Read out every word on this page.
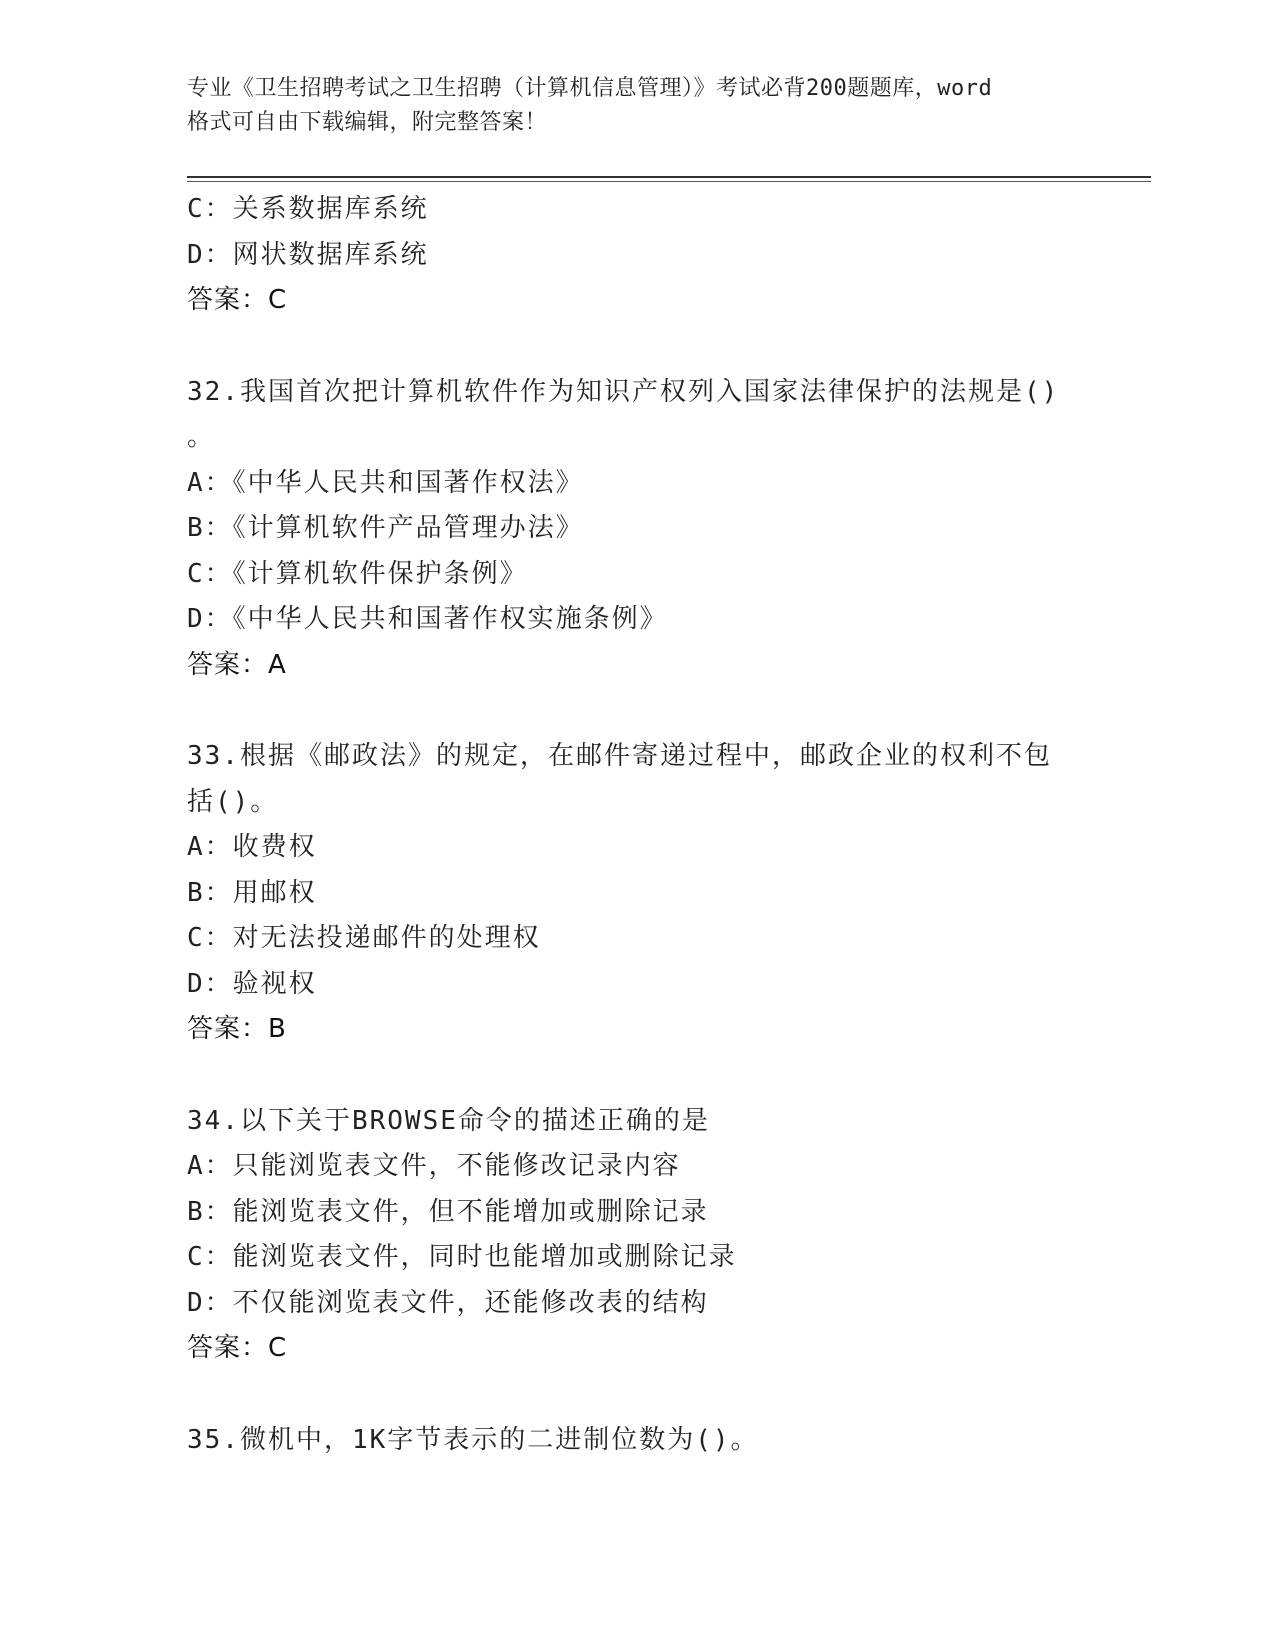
专业《卫生招聘考试之卫生招聘（计算机信息管理）》考试必背200题题库，word
格式可自由下载编辑，附完整答案！
C：关系数据库系统
D：网状数据库系统
答案：C
32.我国首次把计算机软件作为知识产权列入国家法律保护的法规是()
。
A：《中华人民共和国著作权法》
B：《计算机软件产品管理办法》
C：《计算机软件保护条例》
D：《中华人民共和国著作权实施条例》
答案：A
33.根据《邮政法》的规定，在邮件寄递过程中，邮政企业的权利不包
括()。
A：收费权
B：用邮权
C：对无法投递邮件的处理权
D：验视权
答案：B
34.以下关于BROWSE命令的描述正确的是
A：只能浏览表文件，不能修改记录内容
B：能浏览表文件，但不能增加或删除记录
C：能浏览表文件，同时也能增加或删除记录
D：不仅能浏览表文件，还能修改表的结构
答案：C
35.微机中，1K字节表示的二进制位数为()。
